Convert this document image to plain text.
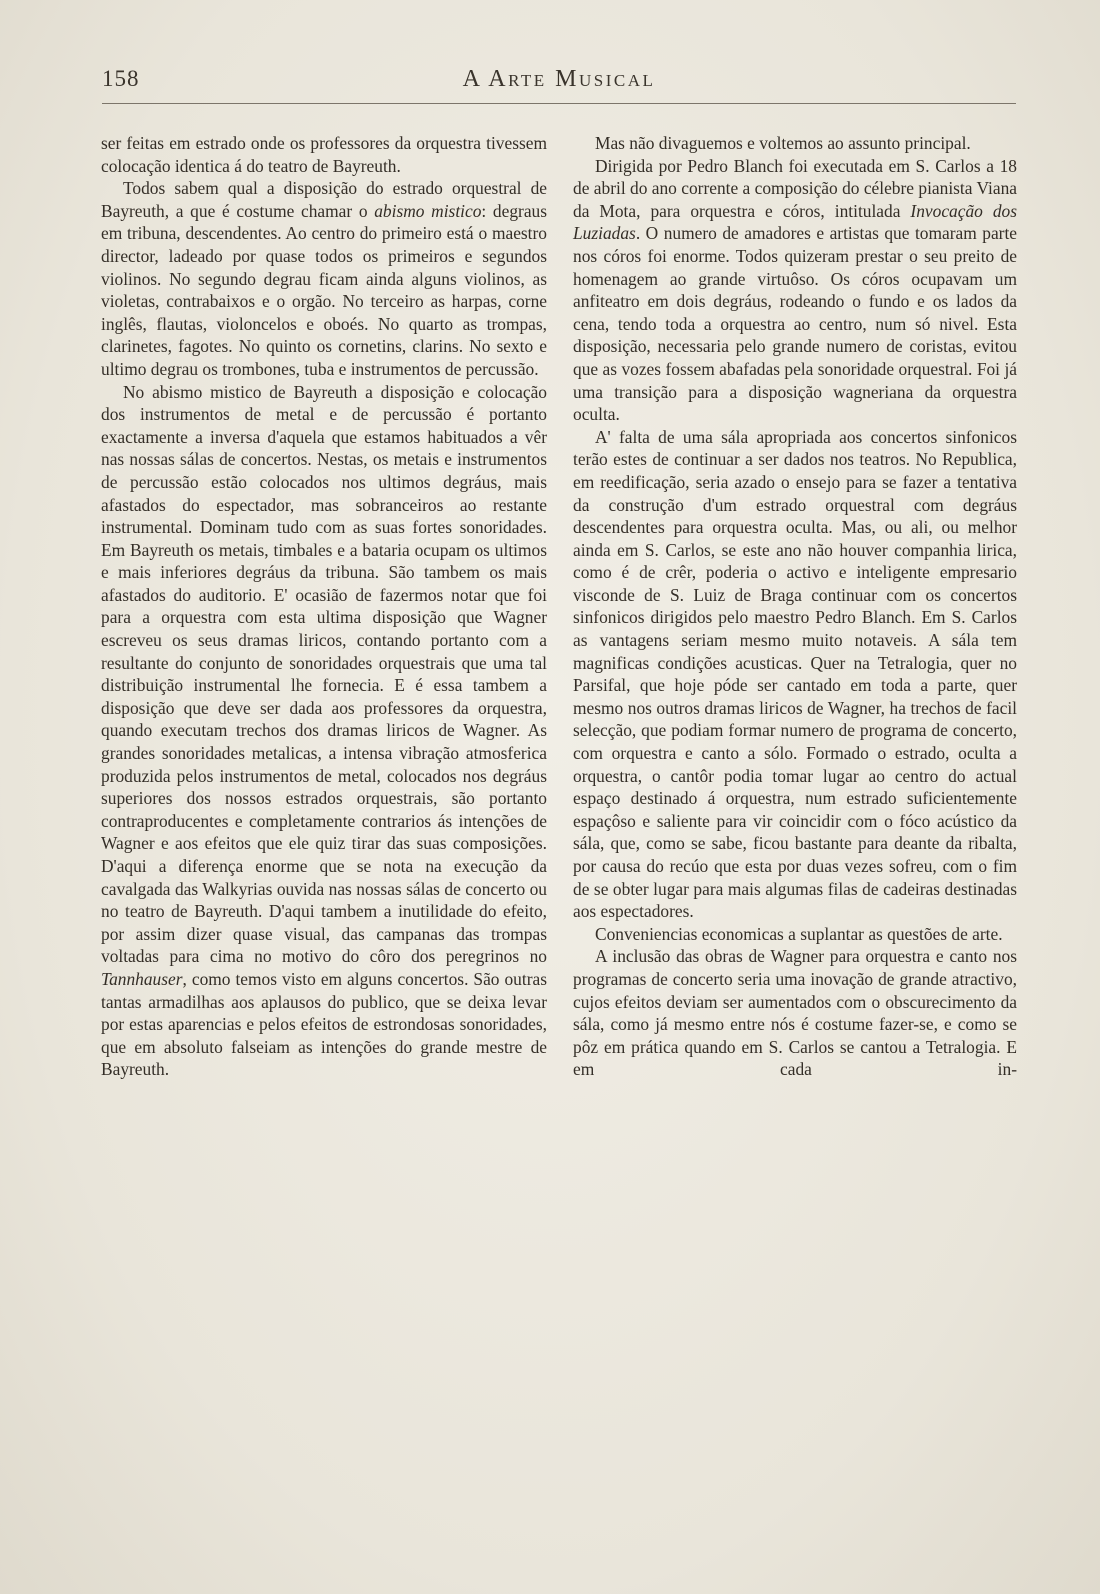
158	A Arte Musical

ser feitas em estrado onde os professores da orquestra tivessem colocação identica á do teatro de Bayreuth.

Todos sabem qual a disposição do estrado orquestral de Bayreuth, a que é costume chamar o abismo mistico: degraus em tribuna, descendentes. Ao centro do primeiro está o maestro director, ladeado por quase todos os primeiros e segundos violinos. No segundo degrau ficam ainda alguns violinos, as violetas, contrabaixos e o orgão. No terceiro as harpas, corne inglês, flautas, violoncelos e oboés. No quarto as trompas, clarinetes, fagotes. No quinto os cornetins, clarins. No sexto e ultimo degrau os trombones, tuba e instrumentos de percussão.

No abismo mistico de Bayreuth a disposição e colocação dos instrumentos de metal e de percussão é portanto exactamente a inversa d'aquela que estamos habituados a vêr nas nossas sálas de concertos. Nestas, os metais e instrumentos de percussão estão colocados nos ultimos degráus, mais afastados do espectador, mas sobranceiros ao restante instrumental. Dominam tudo com as suas fortes sonoridades. Em Bayreuth os metais, timbales e a bataria ocupam os ultimos e mais inferiores degráus da tribuna. São tambem os mais afastados do auditorio. E' ocasião de fazermos notar que foi para a orquestra com esta ultima disposição que Wagner escreveu os seus dramas liricos, contando portanto com a resultante do conjunto de sonoridades orquestrais que uma tal distribuição instrumental lhe fornecia. E é essa tambem a disposição que deve ser dada aos professores da orquestra, quando executam trechos dos dramas liricos de Wagner. As grandes sonoridades metalicas, a intensa vibração atmosferica produzida pelos instrumentos de metal, colocados nos degráus superiores dos nossos estrados orquestrais, são portanto contraproducentes e completamente contrarios ás intenções de Wagner e aos efeitos que ele quiz tirar das suas composições. D'aqui a diferença enorme que se nota na execução da cavalgada das Walkyrias ouvida nas nossas sálas de concerto ou no teatro de Bayreuth. D'aqui tambem a inutilidade do efeito, por assim dizer quase visual, das campanas das trompas voltadas para cima no motivo do côro dos peregrinos no Tannhauser, como temos visto em alguns concertos. São outras tantas armadilhas aos aplausos do publico, que se deixa levar por estas aparencias e pelos efeitos de estrondosas sonoridades, que em absoluto falseiam as intenções do grande mestre de Bayreuth.

Mas não divaguemos e voltemos ao assunto principal.

Dirigida por Pedro Blanch foi executada em S. Carlos a 18 de abril do ano corrente a composição do célebre pianista Viana da Mota, para orquestra e córos, intitulada Invocação dos Luziadas. O numero de amadores e artistas que tomaram parte nos córos foi enorme. Todos quizeram prestar o seu preito de homenagem ao grande virtuôso. Os córos ocupavam um anfiteatro em dois degráus, rodeando o fundo e os lados da cena, tendo toda a orquestra ao centro, num só nivel. Esta disposição, necessaria pelo grande numero de coristas, evitou que as vozes fossem abafadas pela sonoridade orquestral. Foi já uma transição para a disposição wagneriana da orquestra oculta.

A' falta de uma sála apropriada aos concertos sinfonicos terão estes de continuar a ser dados nos teatros. No Republica, em reedificação, seria azado o ensejo para se fazer a tentativa da construção d'um estrado orquestral com degráus descendentes para orquestra oculta. Mas, ou ali, ou melhor ainda em S. Carlos, se este ano não houver companhia lirica, como é de crêr, poderia o activo e inteligente empresario visconde de S. Luiz de Braga continuar com os concertos sinfonicos dirigidos pelo maestro Pedro Blanch. Em S. Carlos as vantagens seriam mesmo muito notaveis. A sála tem magnificas condições acusticas. Quer na Tetralogia, quer no Parsifal, que hoje póde ser cantado em toda a parte, quer mesmo nos outros dramas liricos de Wagner, ha trechos de facil selecção, que podiam formar numero de programa de concerto, com orquestra e canto a sólo. Formado o estrado, oculta a orquestra, o cantôr podia tomar lugar ao centro do actual espaço destinado á orquestra, num estrado suficientemente espaçôso e saliente para vir coincidir com o fóco acústico da sála, que, como se sabe, ficou bastante para deante da ribalta, por causa do recúo que esta por duas vezes sofreu, com o fim de se obter lugar para mais algumas filas de cadeiras destinadas aos espectadores.

Conveniencias economicas a suplantar as questões de arte.

A inclusão das obras de Wagner para orquestra e canto nos programas de concerto seria uma inovação de grande atractivo, cujos efeitos deviam ser aumentados com o obscurecimento da sála, como já mesmo entre nós é costume fazer-se, e como se pôz em prática quando em S. Carlos se cantou a Tetralogia. E em cada in-
